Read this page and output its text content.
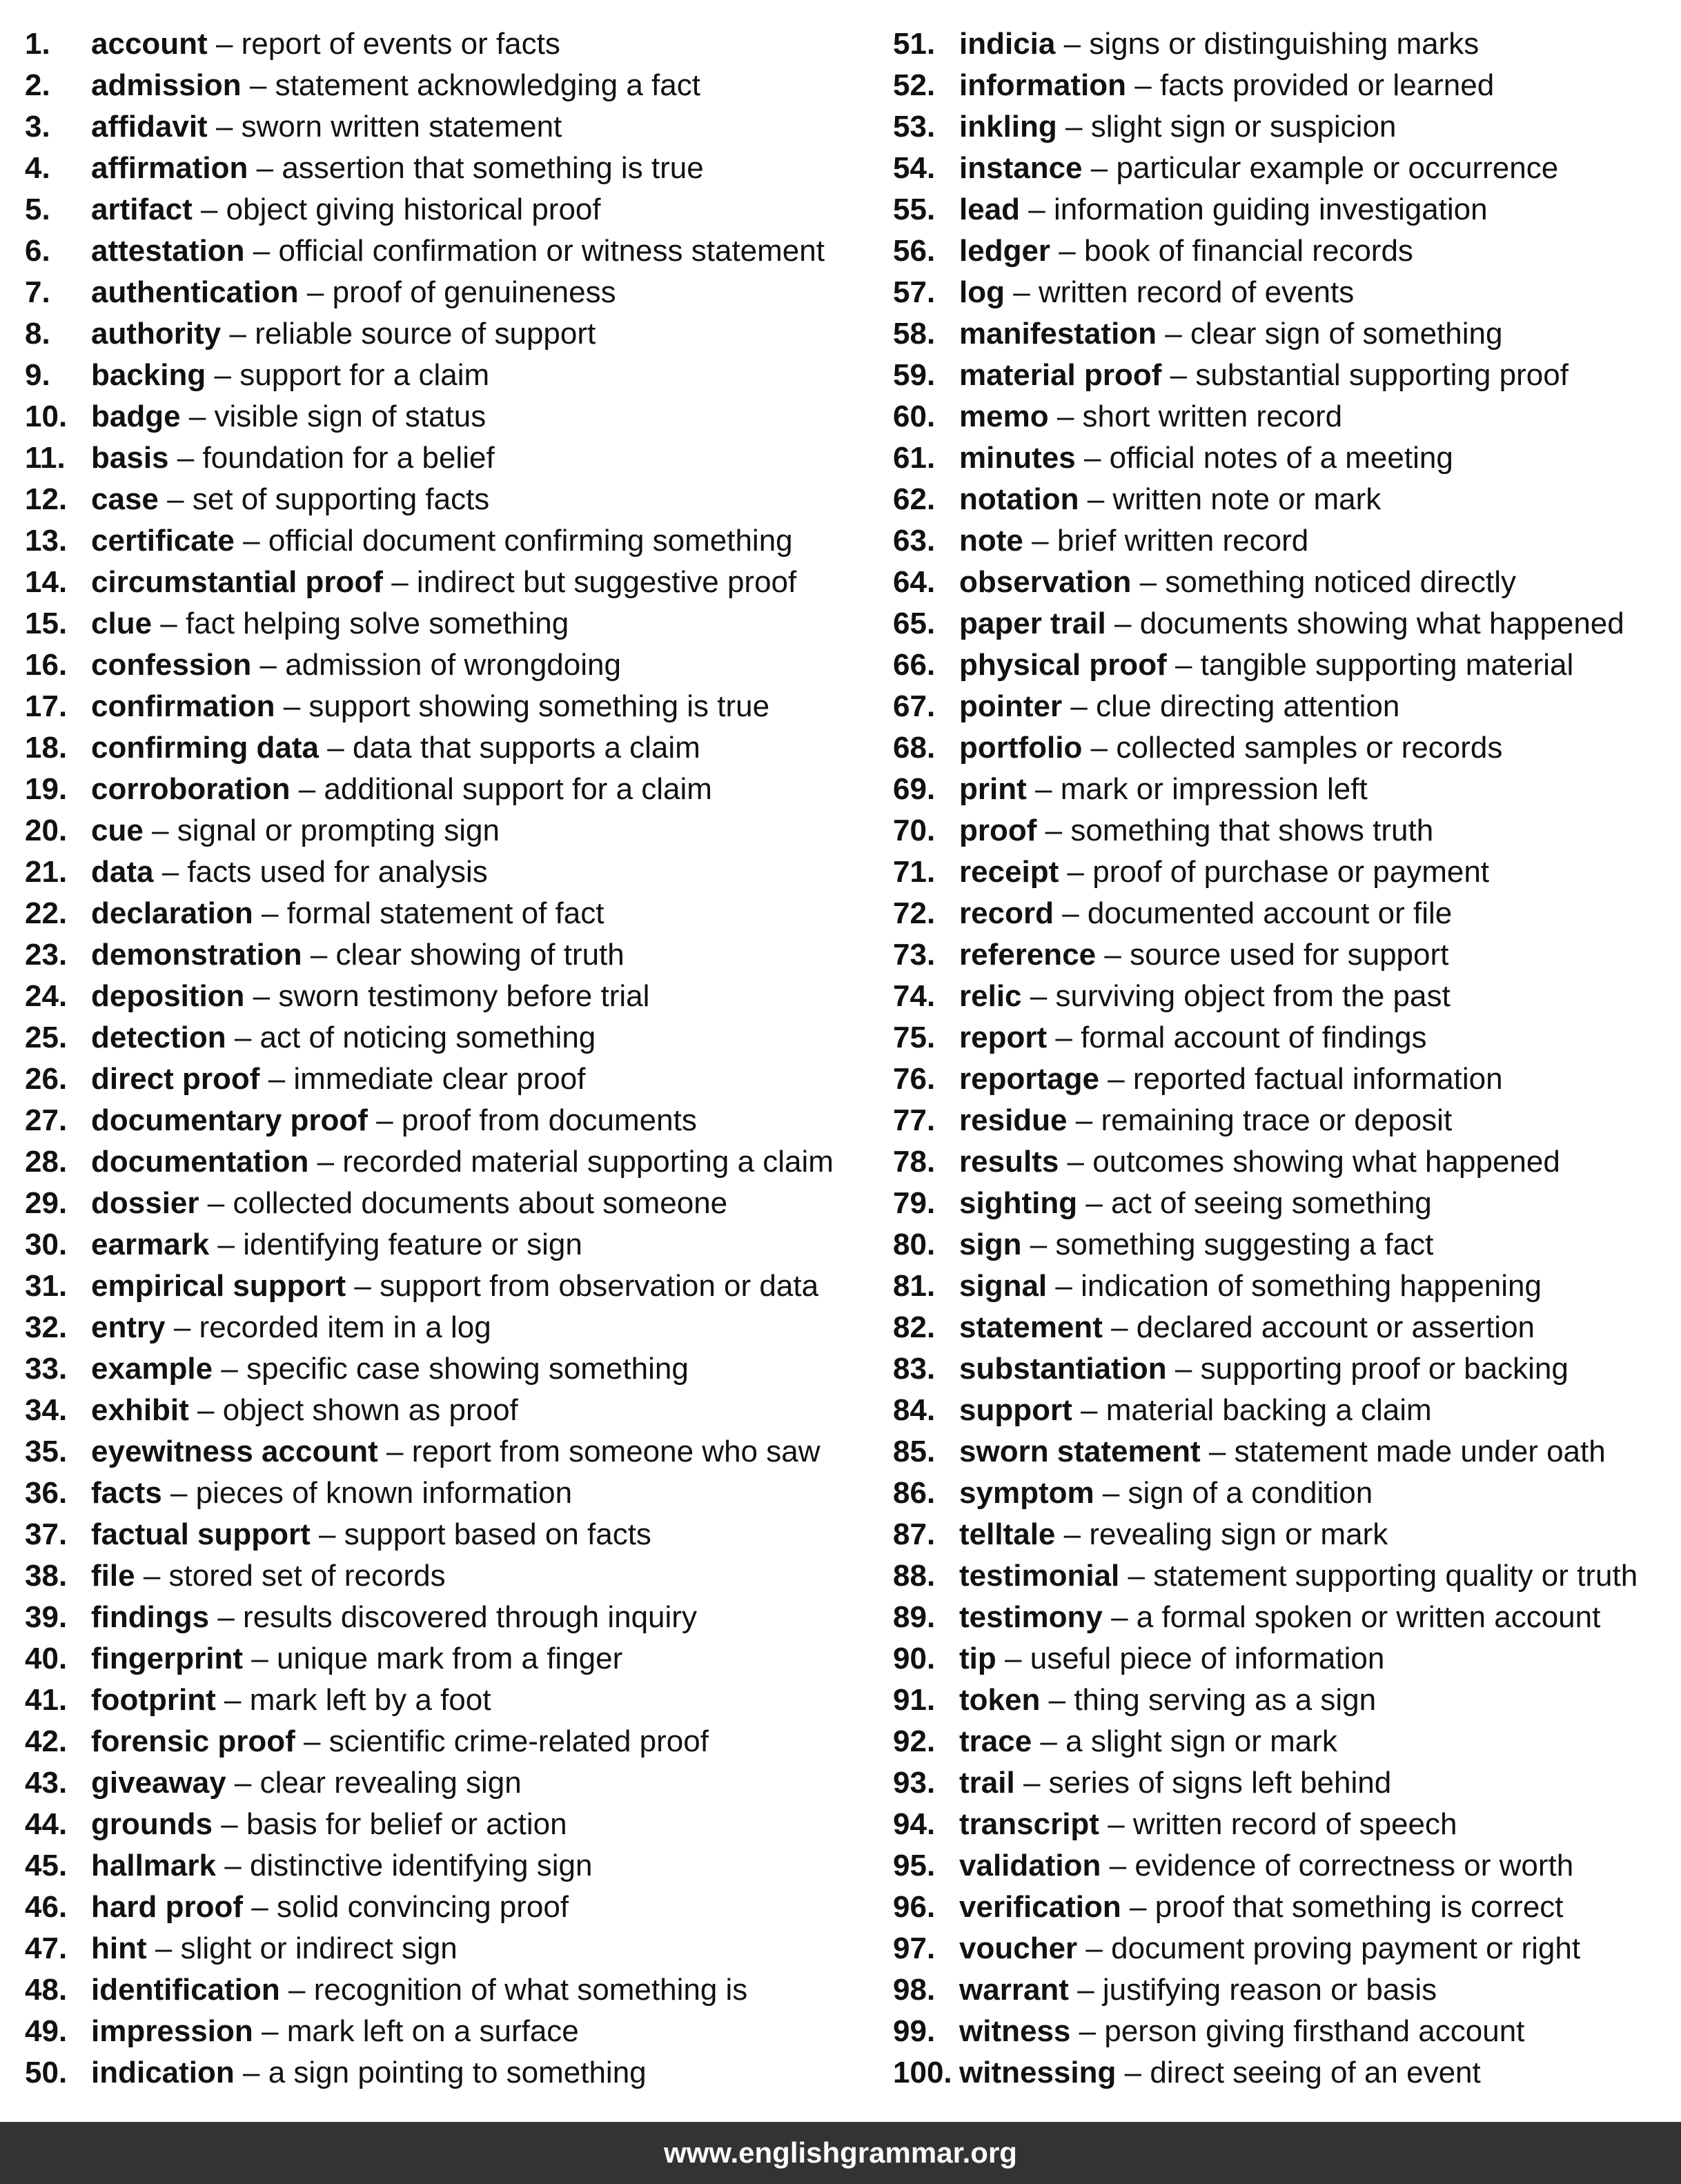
1. account – report of events or facts
2. admission – statement acknowledging a fact
3. affidavit – sworn written statement
4. affirmation – assertion that something is true
5. artifact – object giving historical proof
6. attestation – official confirmation or witness statement
7. authentication – proof of genuineness
8. authority – reliable source of support
9. backing – support for a claim
10. badge – visible sign of status
11. basis – foundation for a belief
12. case – set of supporting facts
13. certificate – official document confirming something
14. circumstantial proof – indirect but suggestive proof
15. clue – fact helping solve something
16. confession – admission of wrongdoing
17. confirmation – support showing something is true
18. confirming data – data that supports a claim
19. corroboration – additional support for a claim
20. cue – signal or prompting sign
21. data – facts used for analysis
22. declaration – formal statement of fact
23. demonstration – clear showing of truth
24. deposition – sworn testimony before trial
25. detection – act of noticing something
26. direct proof – immediate clear proof
27. documentary proof – proof from documents
28. documentation – recorded material supporting a claim
29. dossier – collected documents about someone
30. earmark – identifying feature or sign
31. empirical support – support from observation or data
32. entry – recorded item in a log
33. example – specific case showing something
34. exhibit – object shown as proof
35. eyewitness account – report from someone who saw
36. facts – pieces of known information
37. factual support – support based on facts
38. file – stored set of records
39. findings – results discovered through inquiry
40. fingerprint – unique mark from a finger
41. footprint – mark left by a foot
42. forensic proof – scientific crime-related proof
43. giveaway – clear revealing sign
44. grounds – basis for belief or action
45. hallmark – distinctive identifying sign
46. hard proof – solid convincing proof
47. hint – slight or indirect sign
48. identification – recognition of what something is
49. impression – mark left on a surface
50. indication – a sign pointing to something
51. indicia – signs or distinguishing marks
52. information – facts provided or learned
53. inkling – slight sign or suspicion
54. instance – particular example or occurrence
55. lead – information guiding investigation
56. ledger – book of financial records
57. log – written record of events
58. manifestation – clear sign of something
59. material proof – substantial supporting proof
60. memo – short written record
61. minutes – official notes of a meeting
62. notation – written note or mark
63. note – brief written record
64. observation – something noticed directly
65. paper trail – documents showing what happened
66. physical proof – tangible supporting material
67. pointer – clue directing attention
68. portfolio – collected samples or records
69. print – mark or impression left
70. proof – something that shows truth
71. receipt – proof of purchase or payment
72. record – documented account or file
73. reference – source used for support
74. relic – surviving object from the past
75. report – formal account of findings
76. reportage – reported factual information
77. residue – remaining trace or deposit
78. results – outcomes showing what happened
79. sighting – act of seeing something
80. sign – something suggesting a fact
81. signal – indication of something happening
82. statement – declared account or assertion
83. substantiation – supporting proof or backing
84. support – material backing a claim
85. sworn statement – statement made under oath
86. symptom – sign of a condition
87. telltale – revealing sign or mark
88. testimonial – statement supporting quality or truth
89. testimony – a formal spoken or written account
90. tip – useful piece of information
91. token – thing serving as a sign
92. trace – a slight sign or mark
93. trail – series of signs left behind
94. transcript – written record of speech
95. validation – evidence of correctness or worth
96. verification – proof that something is correct
97. voucher – document proving payment or right
98. warrant – justifying reason or basis
99. witness – person giving firsthand account
100. witnessing – direct seeing of an event
www.englishgrammar.org
